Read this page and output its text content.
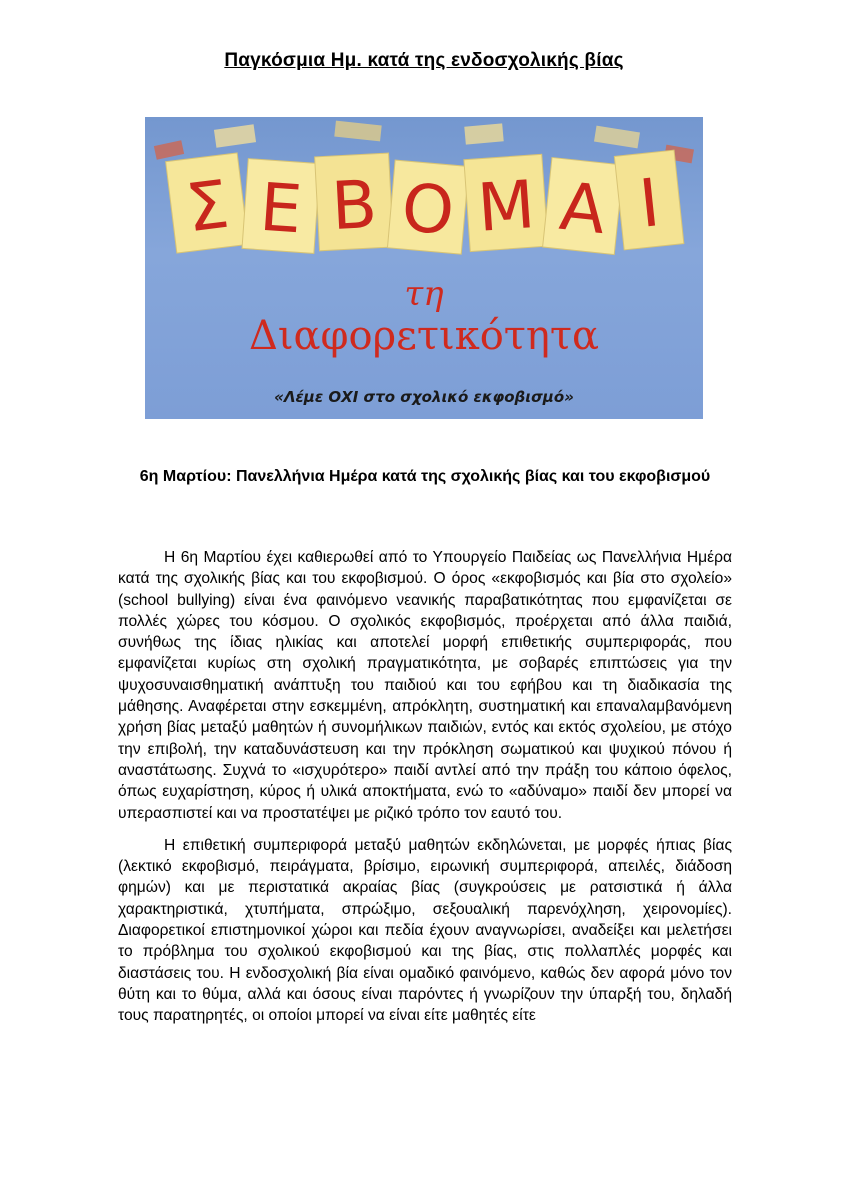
Παγκόσμια Ημ. κατά της ενδοσχολικής βίας
Σ Ε Β Ο Μ Α Ι
τη
Διαφορετικότητα
«Λέμε ΟΧΙ στο σχολικό εκφοβισμό»
6η Μαρτίου: Πανελλήνια Ημέρα κατά της σχολικής βίας και του εκφοβισμού

Η 6η Μαρτίου έχει καθιερωθεί από το Υπουργείο Παιδείας ως Πανελλήνια Ημέρα κατά της σχολικής βίας και του εκφοβισμού. Ο όρος «εκφοβισμός και βία στο σχολείο» (school bullying) είναι ένα φαινόμενο νεανικής παραβατικότητας που εμφανίζεται σε πολλές χώρες του κόσμου. Ο σχολικός εκφοβισμός, προέρχεται από άλλα παιδιά, συνήθως της ίδιας ηλικίας και αποτελεί μορφή επιθετικής συμπεριφοράς, που εμφανίζεται κυρίως στη σχολική πραγματικότητα, με σοβαρές επιπτώσεις για την ψυχοσυναισθηματική ανάπτυξη του παιδιού και του εφήβου και τη διαδικασία της μάθησης. Αναφέρεται στην εσκεμμένη, απρόκλητη, συστηματική και επαναλαμβανόμενη χρήση βίας μεταξύ μαθητών ή συνομήλικων παιδιών, εντός και εκτός σχολείου, με στόχο την επιβολή, την καταδυνάστευση και την πρόκληση σωματικού και ψυχικού πόνου ή αναστάτωσης. Συχνά το «ισχυρότερο» παιδί αντλεί από την πράξη του κάποιο όφελος, όπως ευχαρίστηση, κύρος ή υλικά αποκτήματα, ενώ το «αδύναμο» παιδί δεν μπορεί να υπερασπιστεί και να προστατέψει με ριζικό τρόπο τον εαυτό του.

Η επιθετική συμπεριφορά μεταξύ μαθητών εκδηλώνεται, με μορφές ήπιας βίας (λεκτικό εκφοβισμό, πειράγματα, βρίσιμο, ειρωνική συμπεριφορά, απειλές, διάδοση φημών) και με περιστατικά ακραίας βίας (συγκρούσεις με ρατσιστικά ή άλλα χαρακτηριστικά, χτυπήματα, σπρώξιμο, σεξουαλική παρενόχληση, χειρονομίες). Διαφορετικοί επιστημονικοί χώροι και πεδία έχουν αναγνωρίσει, αναδείξει και μελετήσει το πρόβλημα του σχολικού εκφοβισμού και της βίας, στις πολλαπλές μορφές και διαστάσεις του. Η ενδοσχολική βία είναι ομαδικό φαινόμενο, καθώς δεν αφορά μόνο τον θύτη και το θύμα, αλλά και όσους είναι παρόντες ή γνωρίζουν την ύπαρξή του, δηλαδή τους παρατηρητές, οι οποίοι μπορεί να είναι είτε μαθητές είτε
